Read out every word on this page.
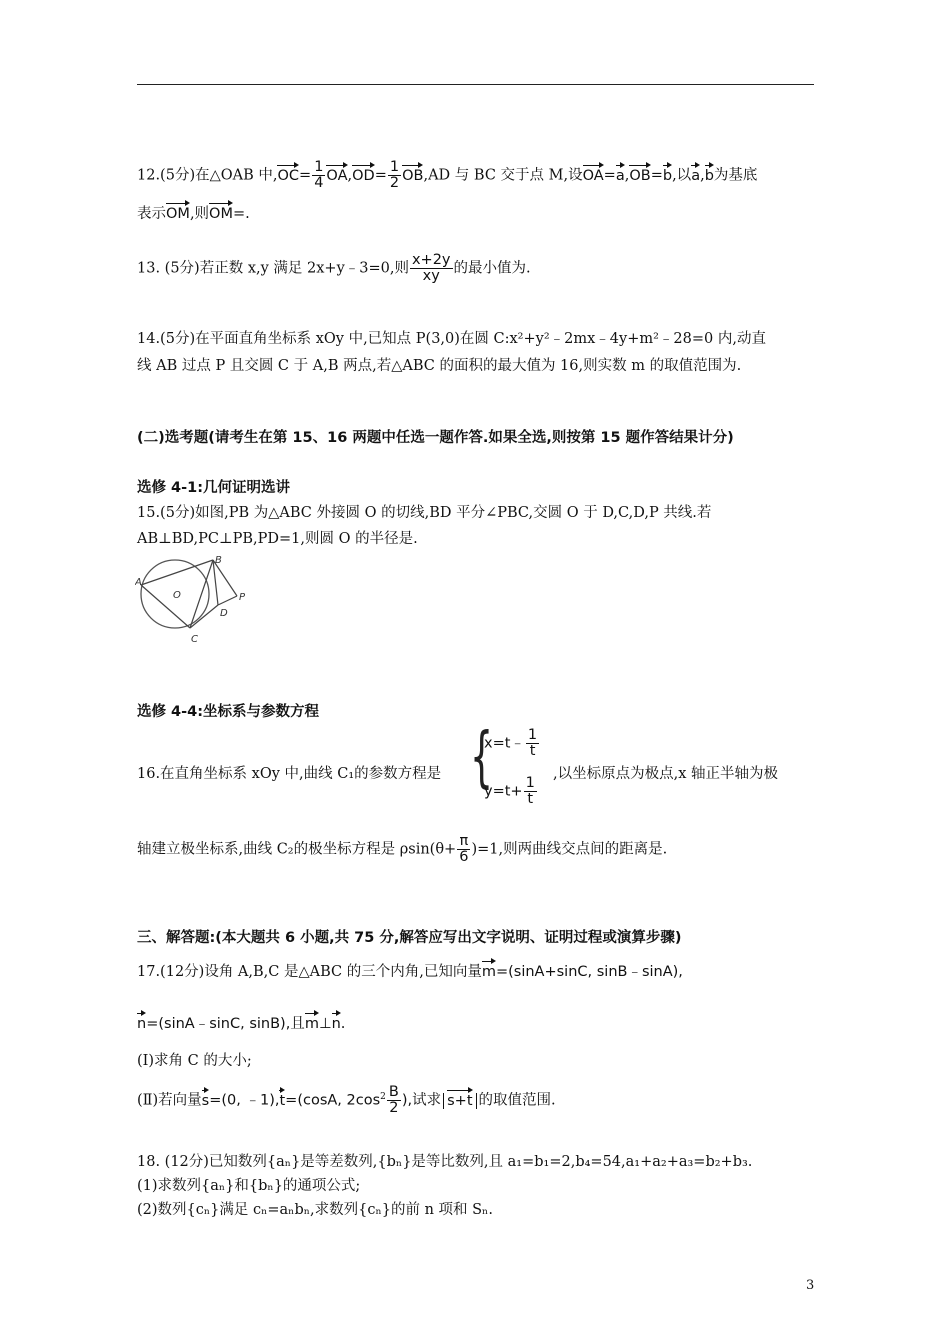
12.(5分)在△OAB 中$,OC= \frac{1}{4} OA,OD= \frac{1}{2} OB,AD$ 与 BC 交于点 M,设OA=a,OB=b,以a,b为基底
表示OM,则OM=.
13. (5分)若正数 x,y 满足 2x+y﹣3=0,则 $\frac{x+2y}{xy}$ 的最小值为.
14.(5分)在平面直角坐标系 xOy 中,已知点 P(3,0)在圆 C:x²+y²﹣2mx﹣4y+m²﹣28=0 内,动直
线 AB 过点 P 且交圆 C 于 A,B 两点,若△ABC 的面积的最大值为 16,则实数 m 的取值范围为.
(二)选考题(请考生在第 15、16 两题中任选一题作答.如果全选,则按第 15 题作答结果计分)
选修 4-1:几何证明选讲
15.(5分)如图,PB 为△ABC 外接圆 O 的切线,BD 平分∠PBC,交圆 O 于 D,C,D,P 共线.若
AB⊥BD,PC⊥PB,PD=1,则圆 O 的半径是.
A
B
C
D
O	P
选修 4-4:坐标系与参数方程
16.在直角坐标系 xOy 中,曲线 C₁的参数方程是 {
x=t﹣ $\frac{1}{t}$
$y=t+ \frac{1}{t}$
,以坐标原点为极点,x 轴正半轴为极
轴建立极坐标系,曲线 C₂的极坐标方程是 $\rho\sin(\theta+ \frac{\pi}{6} )=1$,则两曲线交点间的距离是.
三、解答题:(本大题共 6 小题,共 75 分,解答应写出文字说明、证明过程或演算步骤)
17.(12分)设角 A,B,C 是△ABC 的三个内角,已知向量m=(sinA+sinC, sinB﹣sinA),
n=(sinA﹣sinC, sinB),且m⊥n.
(Ⅰ)求角 C 的大小;
(Ⅱ)若向量s=(0, ﹣1),t=(cosA, $2\cos^2 \frac{B}{2}$ ),试求 s+t 的取值范围.
18. (12分)已知数列{aₙ}是等差数列,{bₙ}是等比数列,且 a₁=b₁=2,b₄=54,a₁+a₂+a₃=b₂+b₃.
(1)求数列{aₙ}和{bₙ}的通项公式;
(2)数列{cₙ}满足 cₙ=aₙbₙ,求数列{cₙ}的前 n 项和 Sₙ.
3
